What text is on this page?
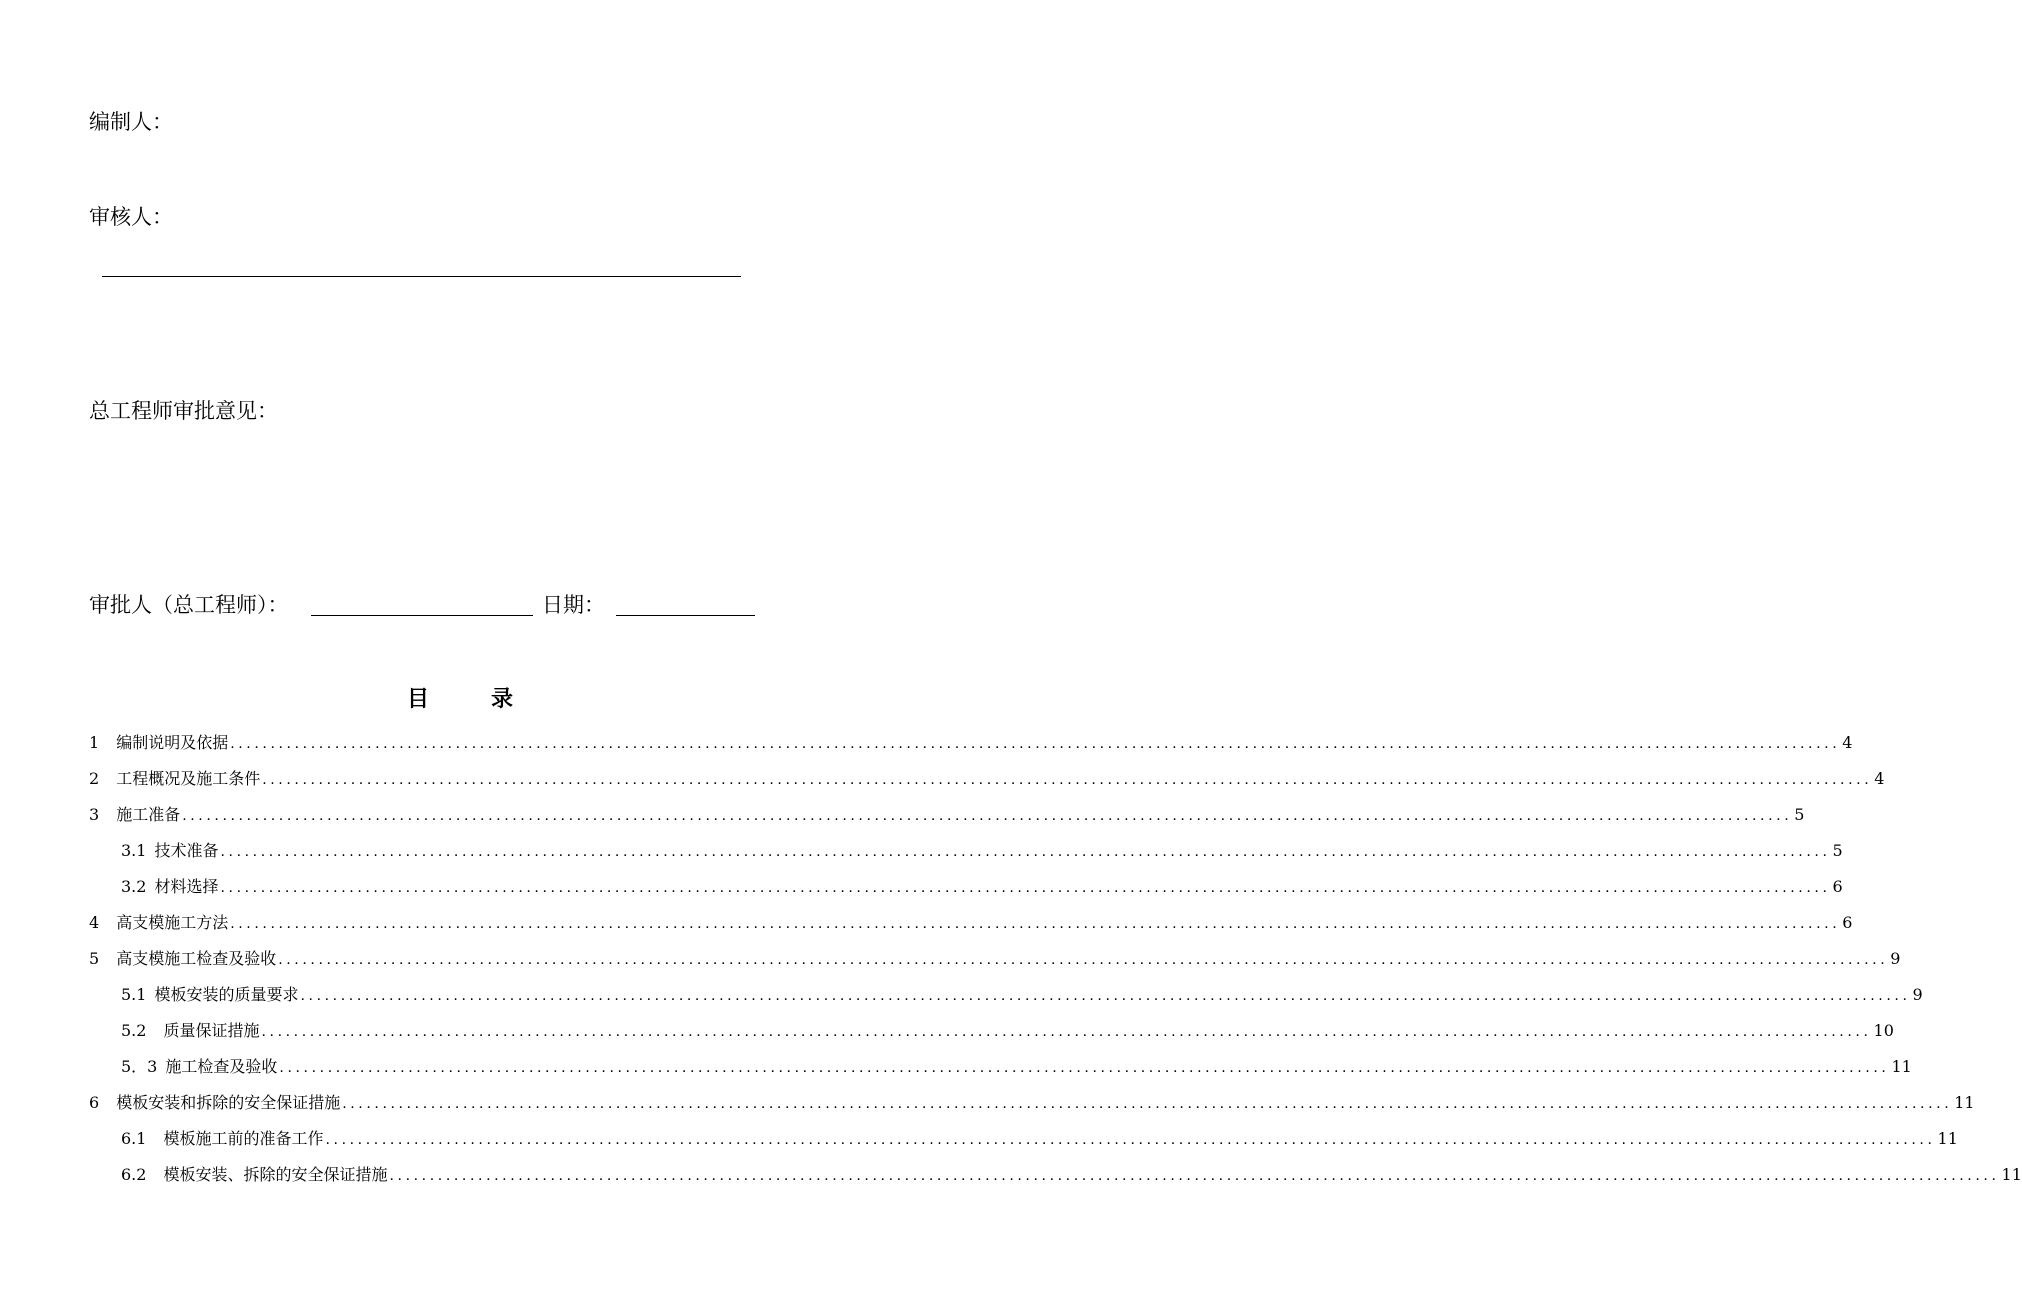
编制人：
审核人：
总工程师审批意见：
审批人（总工程师）：	日期：
目录
1 编制说明及依据 ........................................................................................................................................................................................................ 4
2 工程概况及施工条件 ........................................................................................................................................................................................................ 4
3 施工准备 ........................................................................................................................................................................................................ 5
3.1 技术准备 ........................................................................................................................................................................................................ 5
3.2 材料选择 ........................................................................................................................................................................................................ 6
4 高支模施工方法 ........................................................................................................................................................................................................ 6
5 高支模施工检查及验收 ........................................................................................................................................................................................................ 9
5.1 模板安装的质量要求 ........................................................................................................................................................................................................ 9
5.2 质量保证措施 ........................................................................................................................................................................................................ 10
5．3 施工检查及验收 ........................................................................................................................................................................................................ 11
6 模板安装和拆除的安全保证措施 ........................................................................................................................................................................................................ 11
6.1 模板施工前的准备工作 ........................................................................................................................................................................................................ 11
6.2 模板安装、拆除的安全保证措施 ........................................................................................................................................................................................................ 11
